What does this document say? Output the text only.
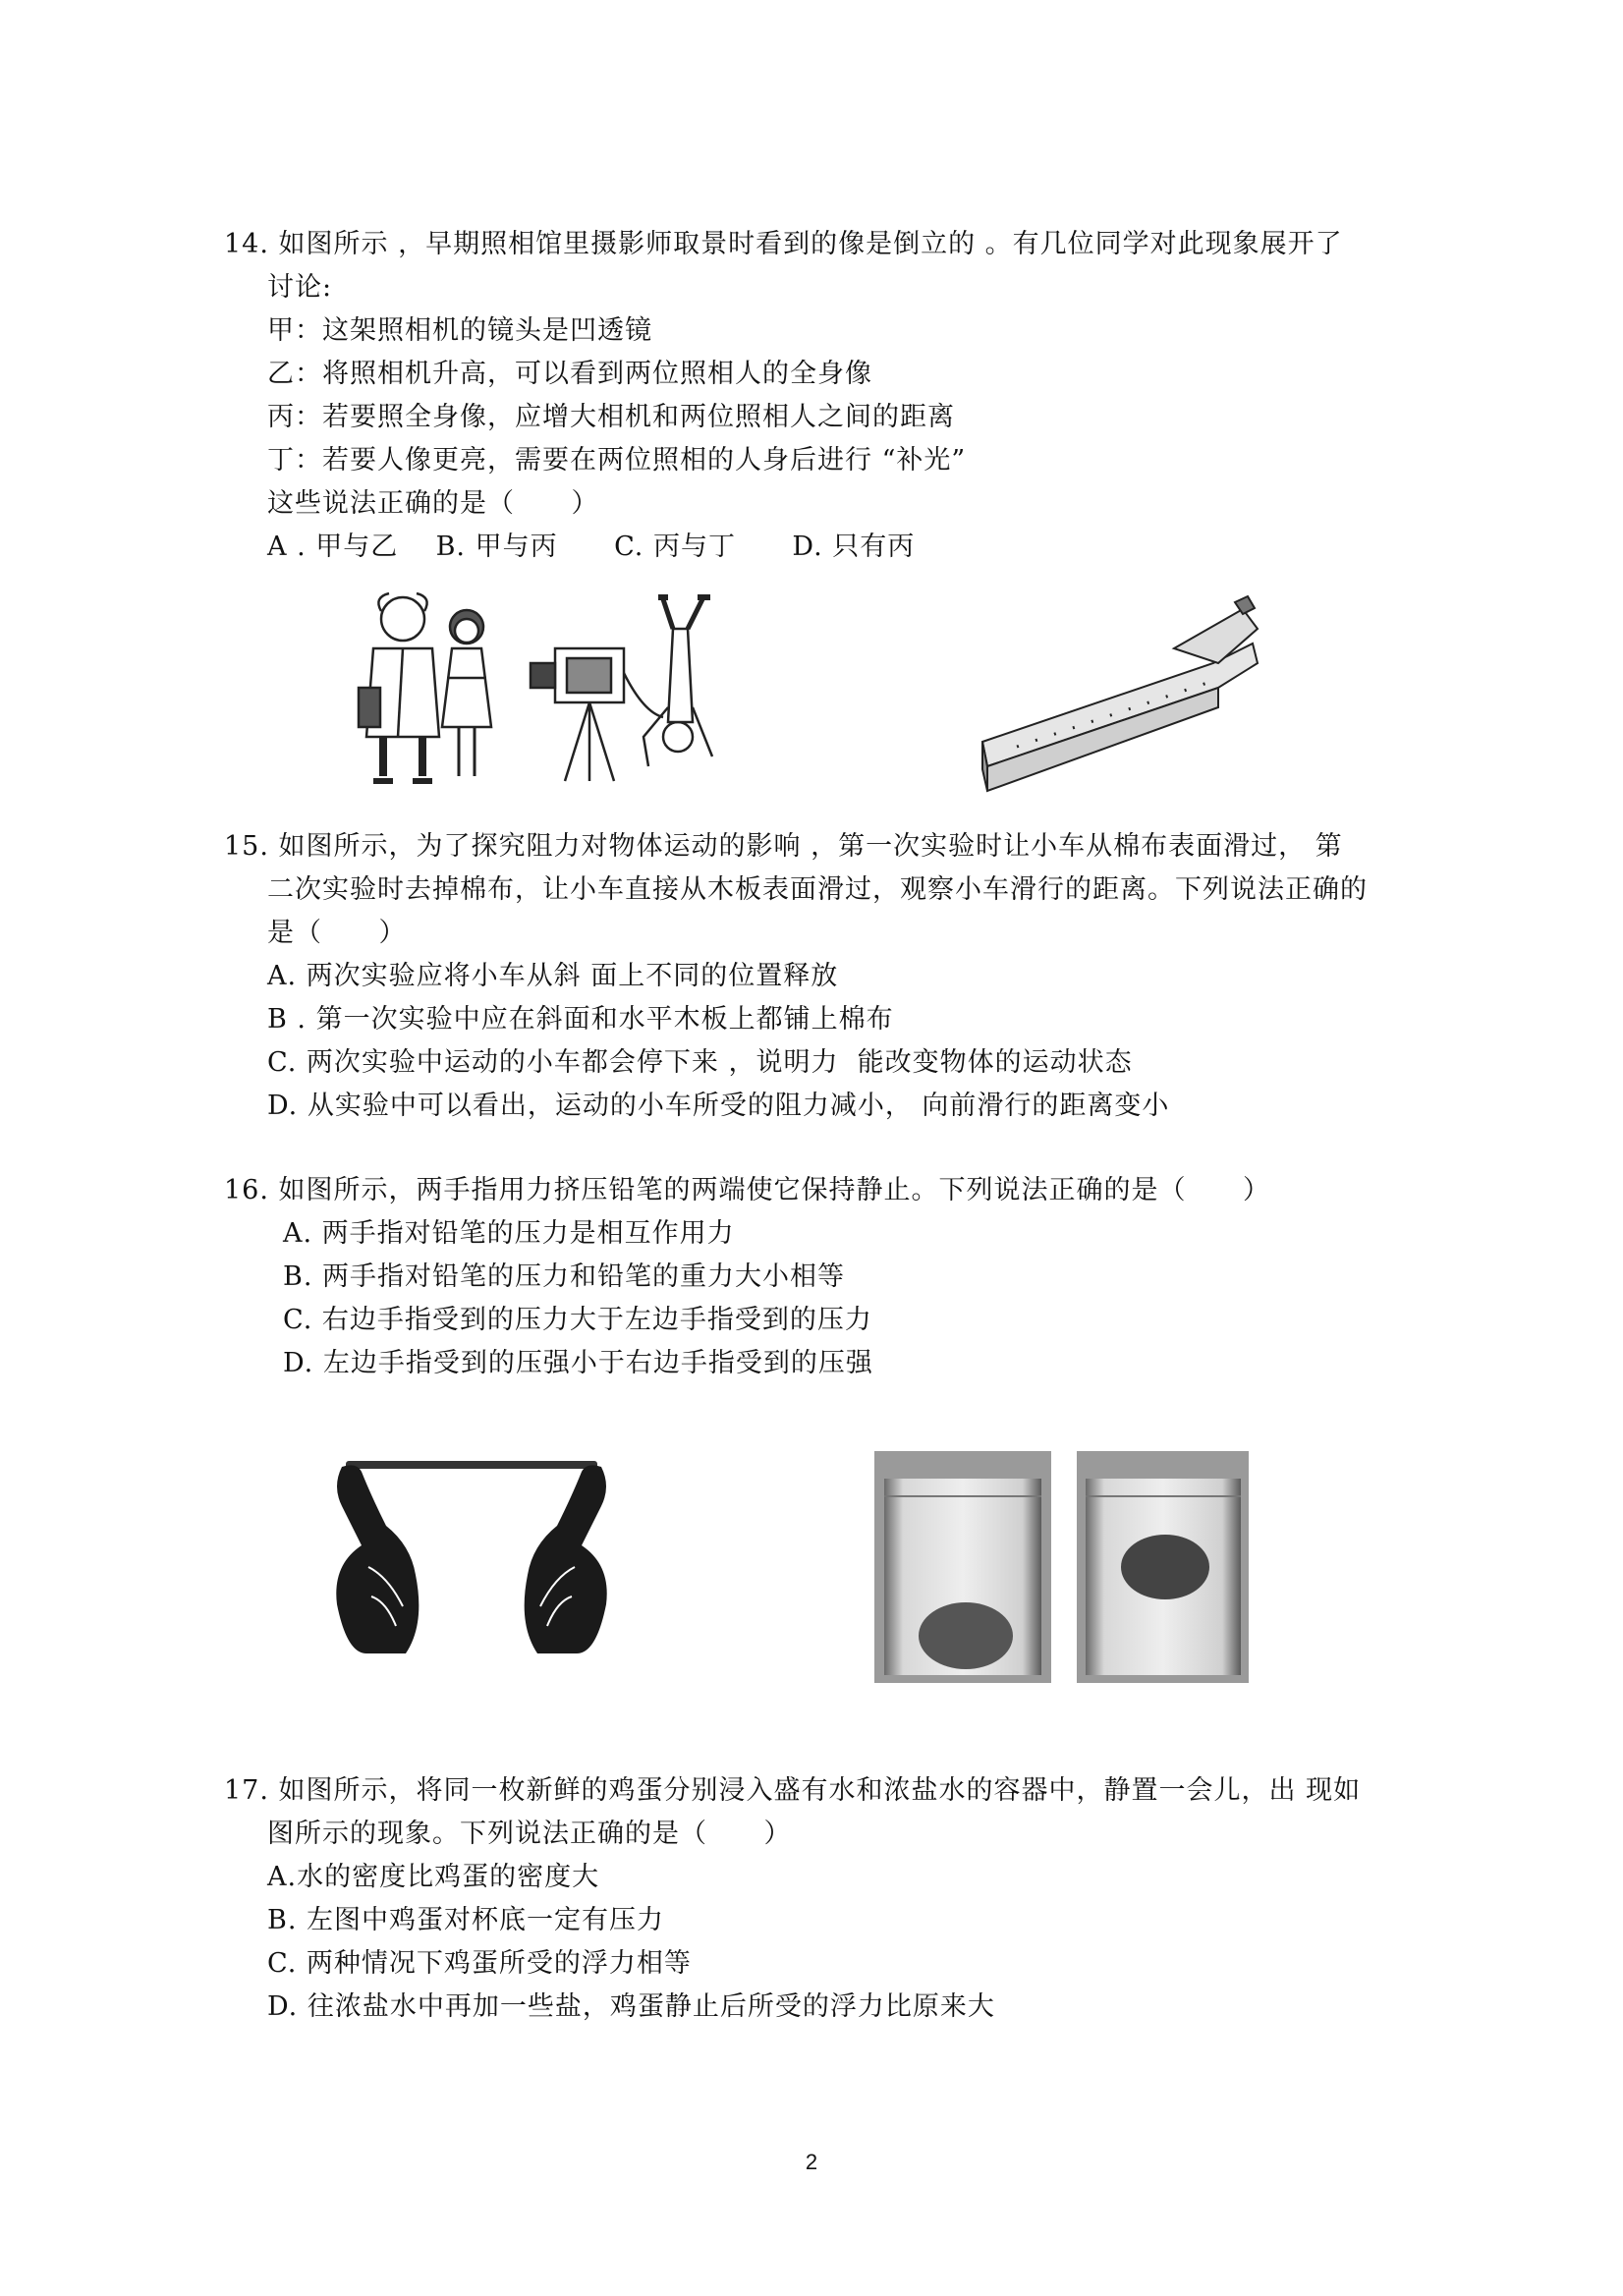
14. 如图所示 ，早期照相馆里摄影师取景时看到的像是倒立的 。有几位同学对此现象展开了
讨论:
甲：这架照相机的镜头是凹透镜
乙：将照相机升高，可以看到两位照相人的全身像
丙：若要照全身像，应增大相机和两位照相人之间的距离
丁：若要人像更亮，需要在两位照相的人身后进行 “补光”
这些说法正确的是（      ）
A . 甲与乙    B. 甲与丙      C. 丙与丁      D. 只有丙
15. 如图所示，为了探究阻力对物体运动的影响 ，第一次实验时让小车从棉布表面滑过， 第
二次实验时去掉棉布，让小车直接从木板表面滑过，观察小车滑行的距离。下列说法正确的
是（      ）
A. 两次实验应将小车从斜 面上不同的位置释放
B . 第一次实验中应在斜面和水平木板上都铺上棉布
C. 两次实验中运动的小车都会停下来 ，说明力  能改变物体的运动状态
D. 从实验中可以看出，运动的小车所受的阻力减小， 向前滑行的距离变小
16. 如图所示，两手指用力挤压铅笔的两端使它保持静止。下列说法正确的是（      ）
A. 两手指对铅笔的压力是相互作用力
B. 两手指对铅笔的压力和铅笔的重力大小相等
C. 右边手指受到的压力大于左边手指受到的压力
D. 左边手指受到的压强小于右边手指受到的压强
17. 如图所示，将同一枚新鲜的鸡蛋分别浸入盛有水和浓盐水的容器中，静置一会儿，出 现如
图所示的现象。下列说法正确的是（      ）
A.水的密度比鸡蛋的密度大
B. 左图中鸡蛋对杯底一定有压力
C. 两种情况下鸡蛋所受的浮力相等
D. 往浓盐水中再加一些盐，鸡蛋静止后所受的浮力比原来大
2
